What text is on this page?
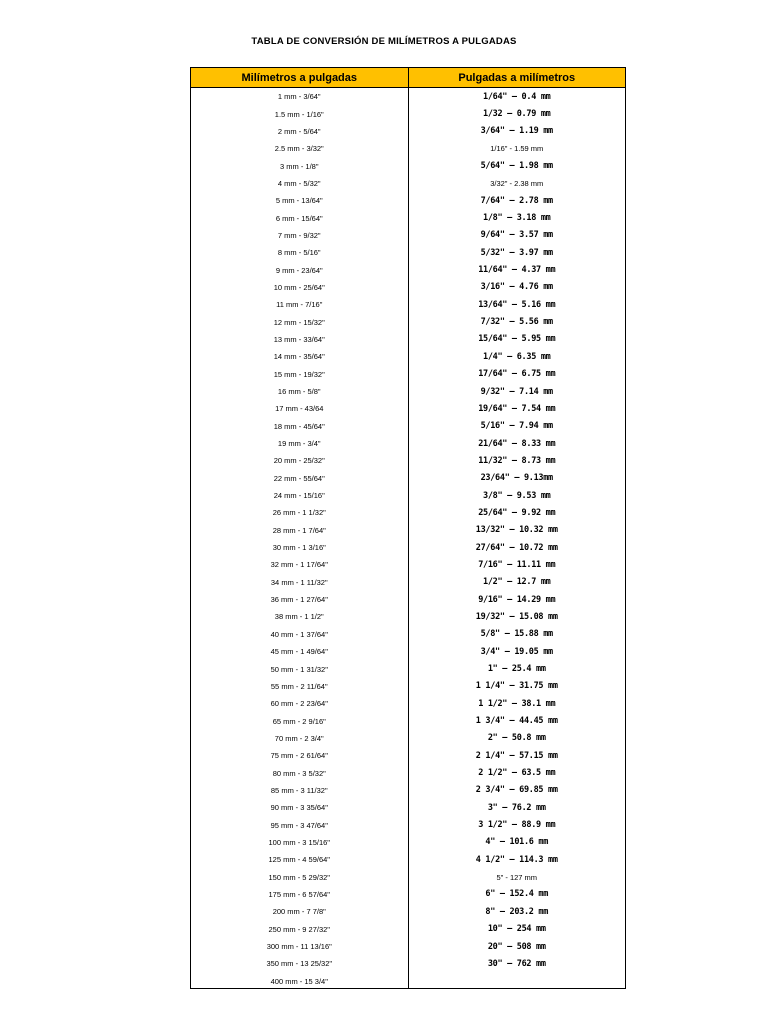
TABLA DE CONVERSIÓN DE MILÍMETROS A PULGADAS
Milímetros a pulgadas	Pulgadas a milímetros
1 mm - 3/64"
1.5 mm - 1/16"
2 mm - 5/64"
2.5 mm - 3/32"
3 mm - 1/8"
4 mm - 5/32"
5 mm - 13/64"
6 mm - 15/64"
7 mm - 9/32"
8 mm - 5/16"
9 mm - 23/64"
10 mm - 25/64"
11 mm - 7/16"
12 mm - 15/32"
13 mm - 33/64"
14 mm - 35/64"
15 mm - 19/32"
16 mm - 5/8"
17 mm - 43/64
18 mm - 45/64"
19 mm - 3/4"
20 mm - 25/32"
22 mm - 55/64"
24 mm - 15/16"
26 mm - 1 1/32"
28 mm - 1 7/64"
30 mm - 1 3/16"
32 mm - 1 17/64"
34 mm - 1 11/32"
36 mm - 1 27/64"
38 mm - 1 1/2"
40 mm - 1 37/64"
45 mm - 1 49/64"
50 mm - 1 31/32"
55 mm - 2 11/64"
60 mm - 2 23/64"
65 mm - 2 9/16"
70 mm - 2 3/4"
75 mm - 2 61/64"
80 mm - 3 5/32"
85 mm - 3 11/32"
90 mm - 3 35/64"
95 mm - 3 47/64"
100 mm - 3 15/16"
125 mm - 4 59/64"
150 mm - 5 29/32"
175 mm - 6 57/64"
200 mm - 7 7/8"
250 mm - 9 27/32"
300 mm - 11 13/16"
350 mm - 13 25/32"
400 mm - 15 3/4"
1/64" – 0.4 mm
1/32 – 0.79 mm
3/64" – 1.19 mm
1/16" - 1.59 mm
5/64" – 1.98 mm
3/32" - 2.38 mm
7/64" – 2.78 mm
1/8" – 3.18 mm
9/64" – 3.57 mm
5/32" – 3.97 mm
11/64" – 4.37 mm
3/16" – 4.76 mm
13/64" – 5.16 mm
7/32" – 5.56 mm
15/64" – 5.95 mm
1/4" – 6.35 mm
17/64" – 6.75 mm
9/32" – 7.14 mm
19/64" – 7.54 mm
5/16" – 7.94 mm
21/64" – 8.33 mm
11/32" – 8.73 mm
23/64" – 9.13mm
3/8" – 9.53 mm
25/64" – 9.92 mm
13/32" – 10.32 mm
27/64" – 10.72 mm
7/16" – 11.11 mm
1/2" – 12.7 mm
9/16" – 14.29 mm
19/32" – 15.08 mm
5/8" – 15.88 mm
3/4" – 19.05 mm
1" – 25.4 mm
1 1/4" – 31.75 mm
1 1/2" – 38.1 mm
1 3/4" – 44.45 mm
2" – 50.8 mm
2 1/4" – 57.15 mm
2 1/2" – 63.5 mm
2 3/4" – 69.85 mm
3" – 76.2 mm
3 1/2" – 88.9 mm
4" – 101.6 mm
4 1/2" – 114.3 mm
5" - 127 mm
6" – 152.4 mm
8" – 203.2 mm
10" – 254 mm
20" – 508 mm
30" – 762 mm
